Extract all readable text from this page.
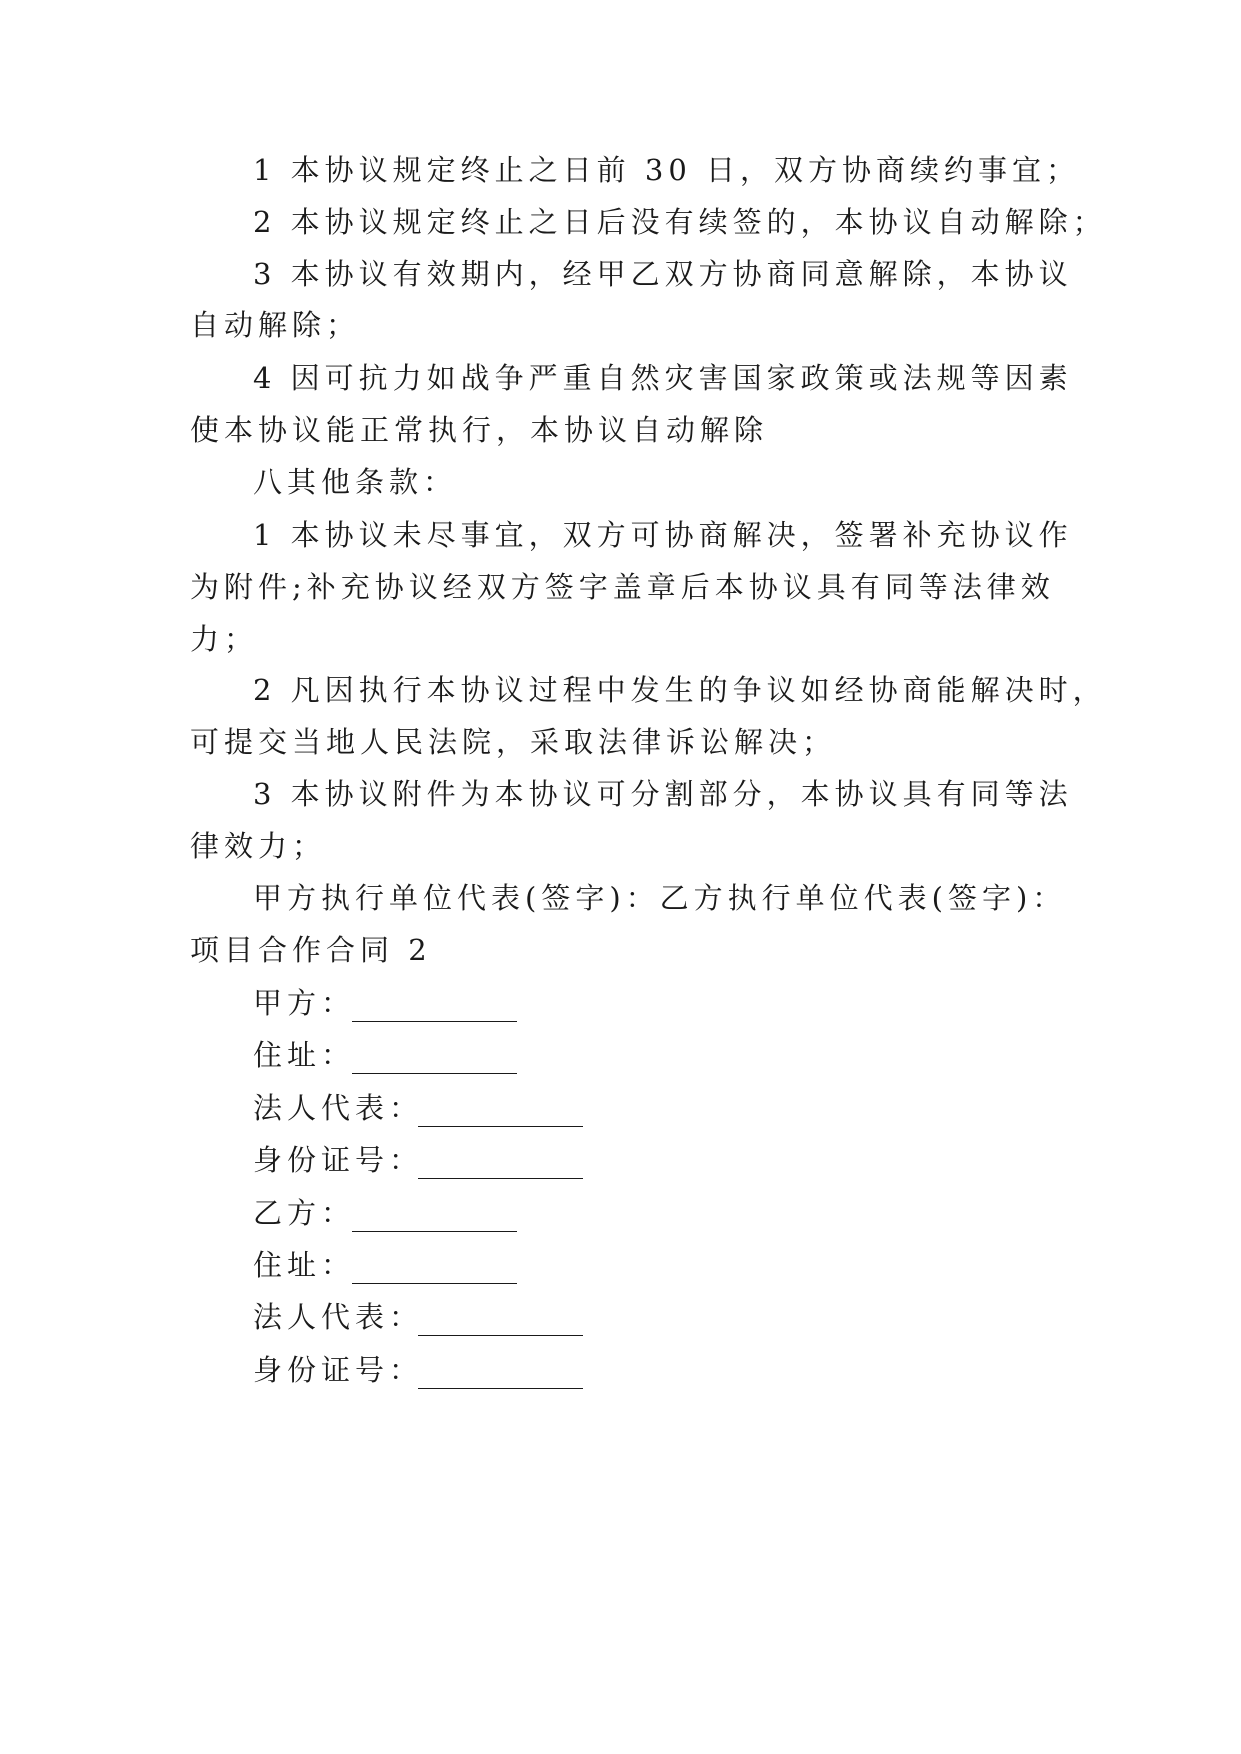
1 本协议规定终止之日前 30 日，双方协商续约事宜；
2 本协议规定终止之日后没有续签的，本协议自动解除；
3 本协议有效期内，经甲乙双方协商同意解除，本协议
自动解除；
4 因可抗力如战争严重自然灾害国家政策或法规等因素
使本协议能正常执行，本协议自动解除
八其他条款：
1 本协议未尽事宜，双方可协商解决，签署补充协议作
为附件;补充协议经双方签字盖章后本协议具有同等法律效
力；
2 凡因执行本协议过程中发生的争议如经协商能解决时，
可提交当地人民法院，采取法律诉讼解决；
3 本协议附件为本协议可分割部分，本协议具有同等法
律效力；
甲方执行单位代表(签字)：乙方执行单位代表(签字)：
项目合作合同 2
甲方：
住址：
法人代表：
身份证号：
乙方：
住址：
法人代表：
身份证号：
